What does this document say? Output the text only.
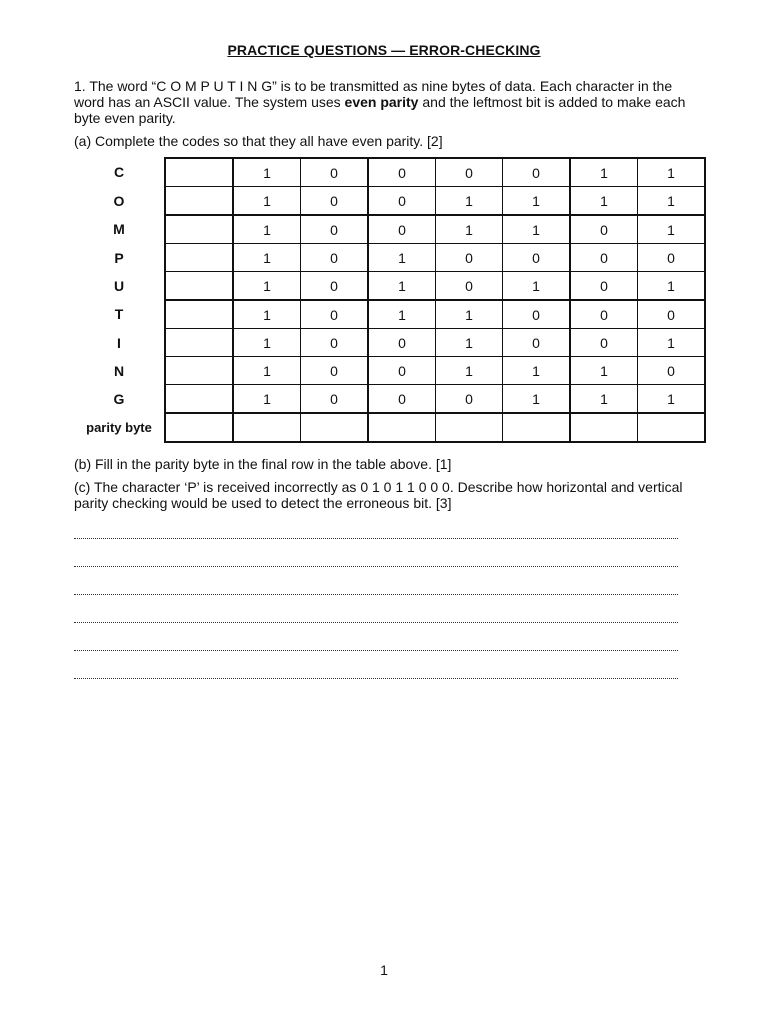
PRACTICE QUESTIONS — ERROR-CHECKING
1. The word “C O M P U T I N G” is to be transmitted as nine bytes of data. Each character in the word has an ASCII value. The system uses even parity and the leftmost bit is added to make each byte even parity.
(a) Complete the codes so that they all have even parity. [2]
C		1	0	0	0	0	1	1
O		1	0	0	1	1	1	1
M		1	0	0	1	1	0	1
P		1	0	1	0	0	0	0
U		1	0	1	0	1	0	1
T		1	0	1	1	0	0	0
I		1	0	0	1	0	0	1
N		1	0	0	1	1	1	0
G		1	0	0	0	1	1	1
parity byte								
(b) Fill in the parity byte in the final row in the table above. [1]
(c) The character ‘P’ is received incorrectly as 0 1 0 1 1 0 0 0. Describe how horizontal and vertical parity checking would be used to detect the erroneous bit. [3]
1
